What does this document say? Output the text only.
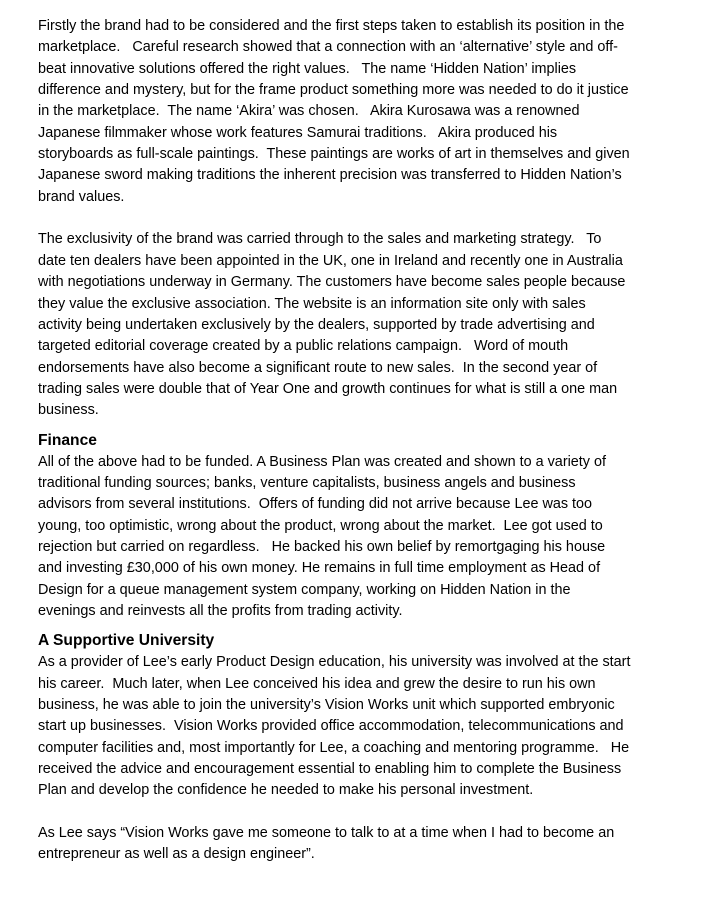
Firstly the brand had to be considered and the first steps taken to establish its position in the
marketplace.   Careful research showed that a connection with an ‘alternative’ style and off-
beat innovative solutions offered the right values.   The name ‘Hidden Nation’ implies
difference and mystery, but for the frame product something more was needed to do it justice
in the marketplace.  The name ‘Akira’ was chosen.   Akira Kurosawa was a renowned
Japanese filmmaker whose work features Samurai traditions.   Akira produced his
storyboards as full-scale paintings.  These paintings are works of art in themselves and given
Japanese sword making traditions the inherent precision was transferred to Hidden Nation’s
brand values.
The exclusivity of the brand was carried through to the sales and marketing strategy.   To
date ten dealers have been appointed in the UK, one in Ireland and recently one in Australia
with negotiations underway in Germany. The customers have become sales people because
they value the exclusive association. The website is an information site only with sales
activity being undertaken exclusively by the dealers, supported by trade advertising and
targeted editorial coverage created by a public relations campaign.   Word of mouth
endorsements have also become a significant route to new sales.  In the second year of
trading sales were double that of Year One and growth continues for what is still a one man
business.
Finance
All of the above had to be funded. A Business Plan was created and shown to a variety of
traditional funding sources; banks, venture capitalists, business angels and business
advisors from several institutions.  Offers of funding did not arrive because Lee was too
young, too optimistic, wrong about the product, wrong about the market.  Lee got used to
rejection but carried on regardless.   He backed his own belief by remortgaging his house
and investing £30,000 of his own money. He remains in full time employment as Head of
Design for a queue management system company, working on Hidden Nation in the
evenings and reinvests all the profits from trading activity.
A Supportive University
As a provider of Lee’s early Product Design education, his university was involved at the start
his career.  Much later, when Lee conceived his idea and grew the desire to run his own
business, he was able to join the university’s Vision Works unit which supported embryonic
start up businesses.  Vision Works provided office accommodation, telecommunications and
computer facilities and, most importantly for Lee, a coaching and mentoring programme.   He
received the advice and encouragement essential to enabling him to complete the Business
Plan and develop the confidence he needed to make his personal investment.
As Lee says “Vision Works gave me someone to talk to at a time when I had to become an
entrepreneur as well as a design engineer”.
